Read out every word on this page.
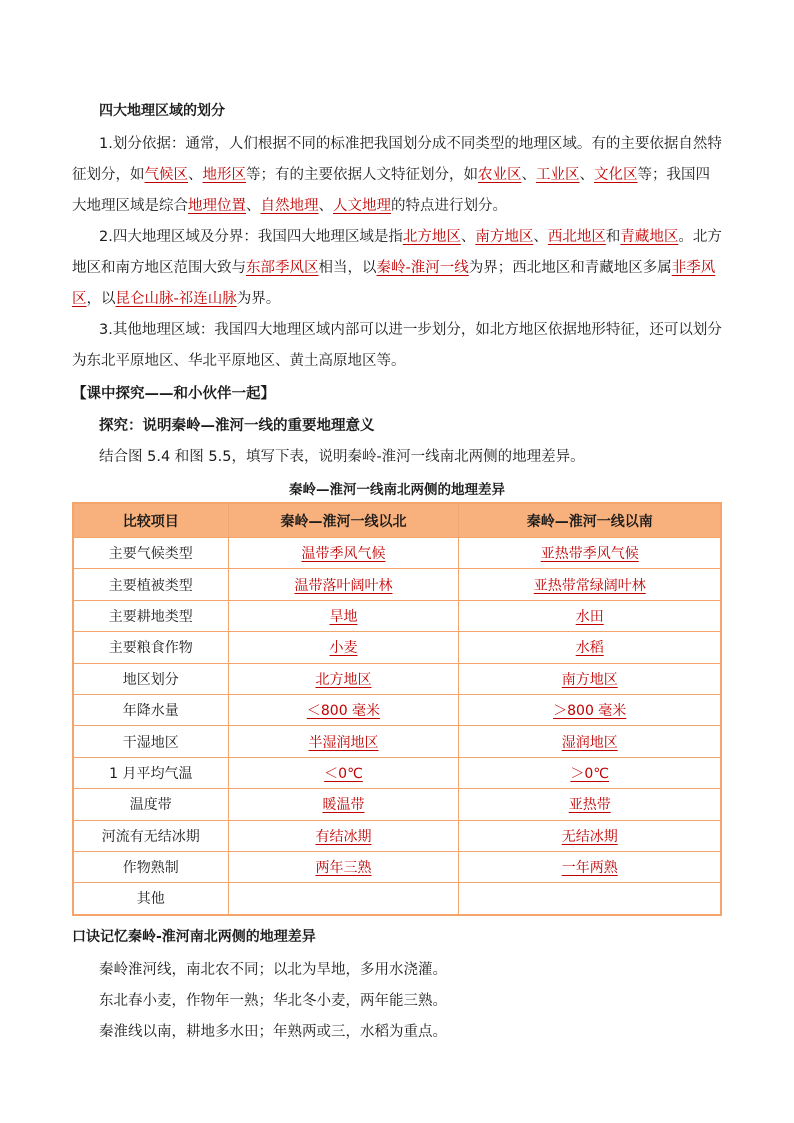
四大地理区域的划分
1.划分依据：通常，人们根据不同的标准把我国划分成不同类型的地理区域。有的主要依据自然特征划分，如气候区、地形区等；有的主要依据人文特征划分，如农业区、工业区、文化区等；我国四大地理区域是综合地理位置、自然地理、人文地理的特点进行划分。
2.四大地理区域及分界：我国四大地理区域是指北方地区、南方地区、西北地区和青藏地区。北方地区和南方地区范围大致与东部季风区相当，以秦岭-淮河一线为界；西北地区和青藏地区多属非季风区，以昆仑山脉-祁连山脉为界。
3.其他地理区域：我国四大地理区域内部可以进一步划分，如北方地区依据地形特征，还可以划分为东北平原地区、华北平原地区、黄土高原地区等。
【课中探究——和小伙伴一起】
探究：说明秦岭—淮河一线的重要地理意义
结合图 5.4 和图 5.5，填写下表，说明秦岭-淮河一线南北两侧的地理差异。
秦岭—淮河一线南北两侧的地理差异
比较项目	秦岭—淮河一线以北	秦岭—淮河一线以南
主要气候类型	温带季风气候	亚热带季风气候
主要植被类型	温带落叶阔叶林	亚热带常绿阔叶林
主要耕地类型	旱地	水田
主要粮食作物	小麦	水稻
地区划分	北方地区	南方地区
年降水量	＜800 毫米	＞800 毫米
干湿地区	半湿润地区	湿润地区
1 月平均气温	＜0℃	＞0℃
温度带	暖温带	亚热带
河流有无结冰期	有结冰期	无结冰期
作物熟制	两年三熟	一年两熟
其他		
口诀记忆秦岭-淮河南北两侧的地理差异
秦岭淮河线，南北农不同；以北为旱地，多用水浇灌。
东北春小麦，作物年一熟；华北冬小麦，两年能三熟。
秦淮线以南，耕地多水田；年熟两或三，水稻为重点。
